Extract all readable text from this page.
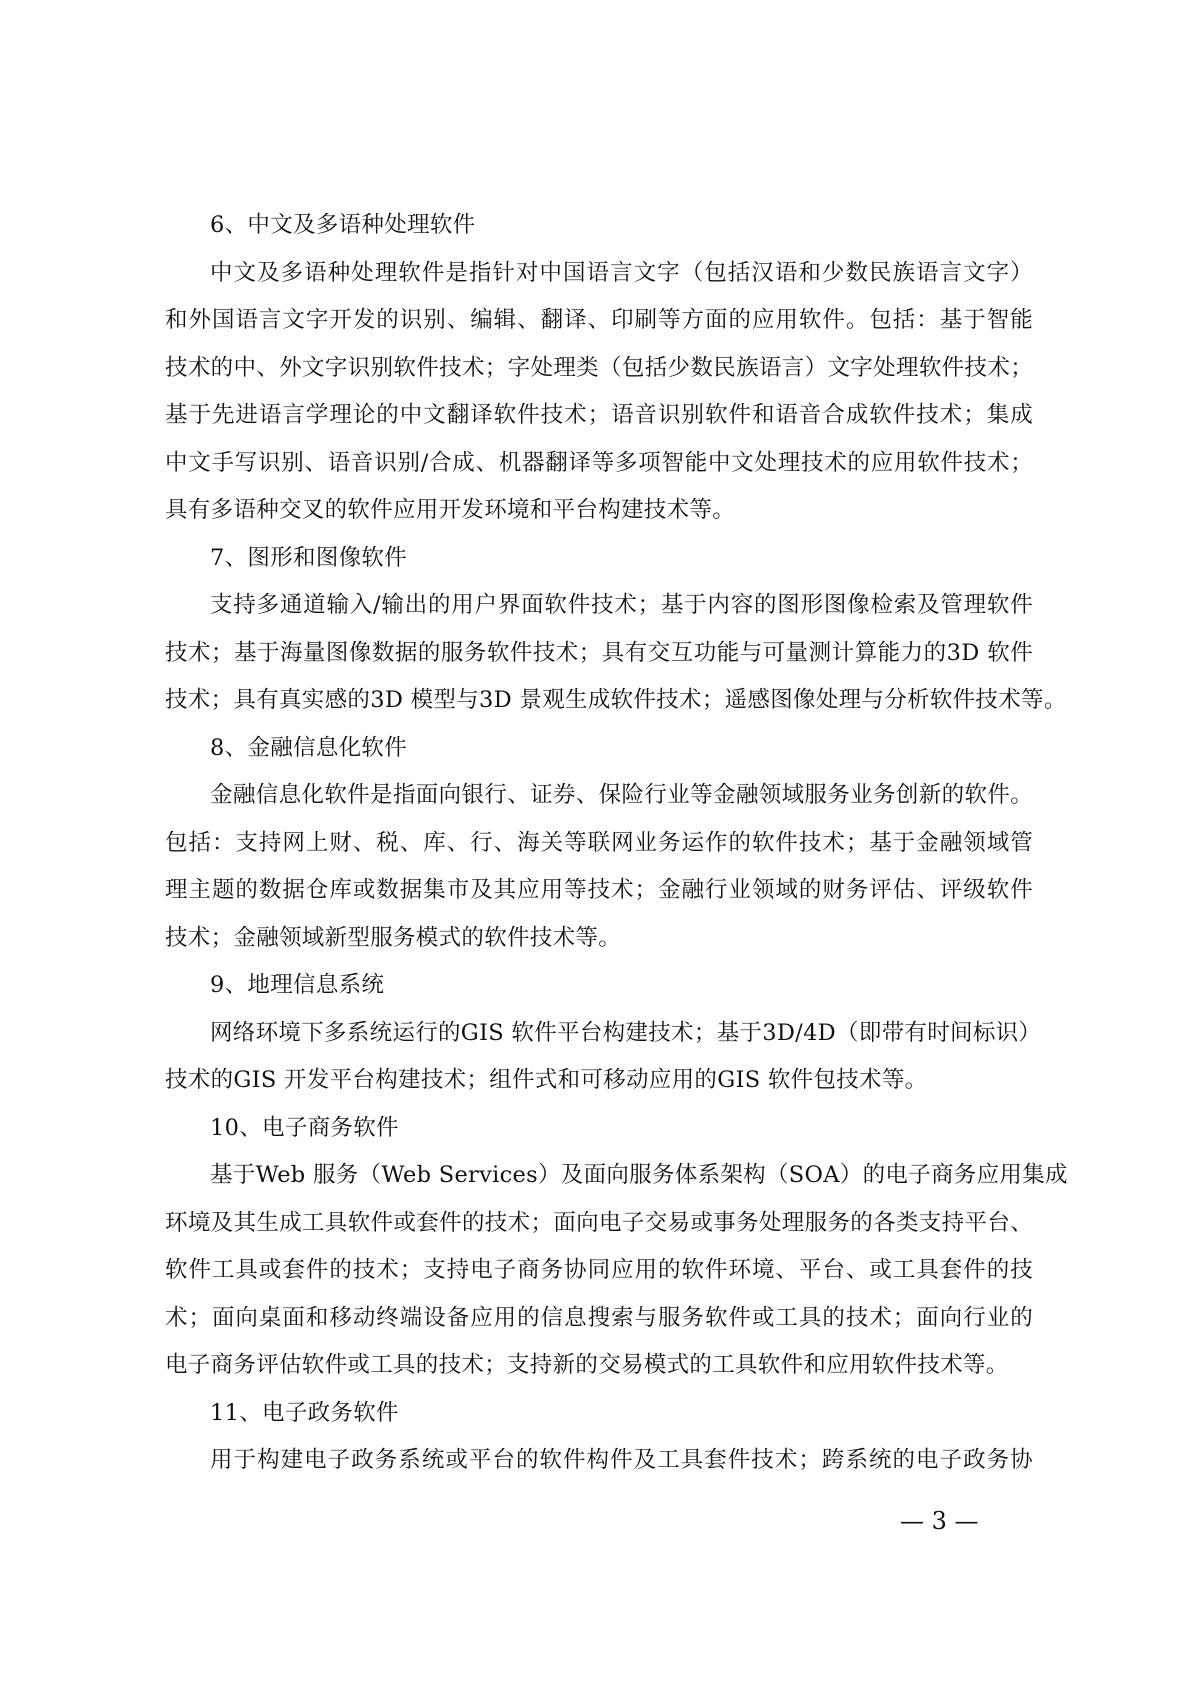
6、中文及多语种处理软件
中文及多语种处理软件是指针对中国语言文字（包括汉语和少数民族语言文字）
和外国语言文字开发的识别、编辑、翻译、印刷等方面的应用软件。包括：基于智能
技术的中、外文字识别软件技术；字处理类（包括少数民族语言）文字处理软件技术；
基于先进语言学理论的中文翻译软件技术；语音识别软件和语音合成软件技术；集成
中文手写识别、语音识别/合成、机器翻译等多项智能中文处理技术的应用软件技术；
具有多语种交叉的软件应用开发环境和平台构建技术等。
7、图形和图像软件
支持多通道输入/输出的用户界面软件技术；基于内容的图形图像检索及管理软件
技术；基于海量图像数据的服务软件技术；具有交互功能与可量测计算能力的3D 软件
技术；具有真实感的3D 模型与3D 景观生成软件技术；遥感图像处理与分析软件技术等。
8、金融信息化软件
金融信息化软件是指面向银行、证券、保险行业等金融领域服务业务创新的软件。
包括：支持网上财、税、库、行、海关等联网业务运作的软件技术；基于金融领域管
理主题的数据仓库或数据集市及其应用等技术；金融行业领域的财务评估、评级软件
技术；金融领域新型服务模式的软件技术等。
9、地理信息系统
网络环境下多系统运行的GIS 软件平台构建技术；基于3D/4D（即带有时间标识）
技术的GIS 开发平台构建技术；组件式和可移动应用的GIS 软件包技术等。
10、电子商务软件
基于Web 服务（Web Services）及面向服务体系架构（SOA）的电子商务应用集成
环境及其生成工具软件或套件的技术；面向电子交易或事务处理服务的各类支持平台、
软件工具或套件的技术；支持电子商务协同应用的软件环境、平台、或工具套件的技
术；面向桌面和移动终端设备应用的信息搜索与服务软件或工具的技术；面向行业的
电子商务评估软件或工具的技术；支持新的交易模式的工具软件和应用软件技术等。
11、电子政务软件
用于构建电子政务系统或平台的软件构件及工具套件技术；跨系统的电子政务协
— 3 —
